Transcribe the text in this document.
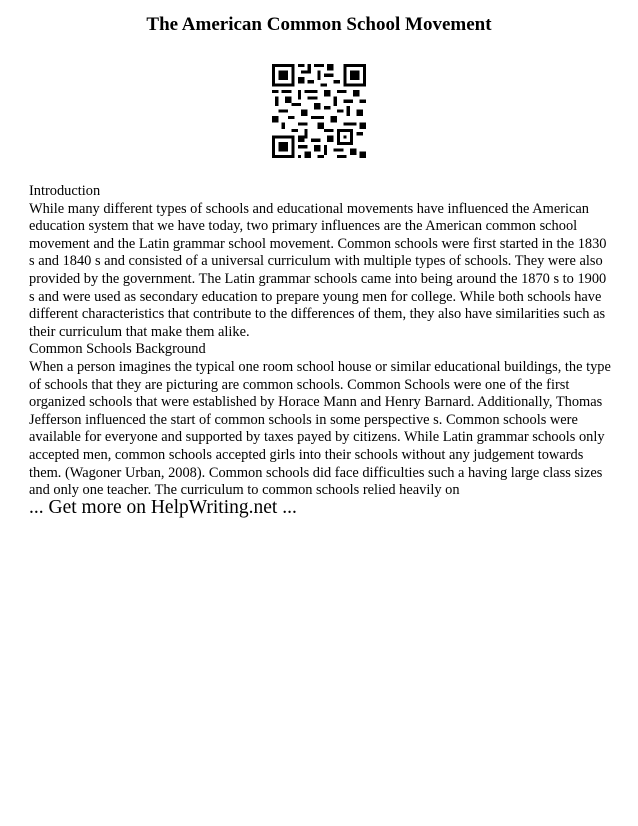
The American Common School Movement

Introduction

While many different types of schools and educational movements have influenced the American education system that we have today, two primary influences are the American common school movement and the Latin grammar school movement. Common schools were first started in the 1830 s and 1840 s and consisted of a universal curriculum with multiple types of schools. They were also provided by the government. The Latin grammar schools came into being around the 1870 s to 1900 s and were used as secondary education to prepare young men for college. While both schools have different characteristics that contribute to the differences of them, they also have similarities such as their curriculum that make them alike.

Common Schools Background

When a person imagines the typical one room school house or similar educational buildings, the type of schools that they are picturing are common schools. Common Schools were one of the first organized schools that were established by Horace Mann and Henry Barnard. Additionally, Thomas Jefferson influenced the start of common schools in some perspective s. Common schools were available for everyone and supported by taxes payed by citizens. While Latin grammar schools only accepted men, common schools accepted girls into their schools without any judgement towards them. (Wagoner Urban, 2008). Common schools did face difficulties such a having large class sizes and only one teacher. The curriculum to common schools relied heavily on

... Get more on HelpWriting.net ...
